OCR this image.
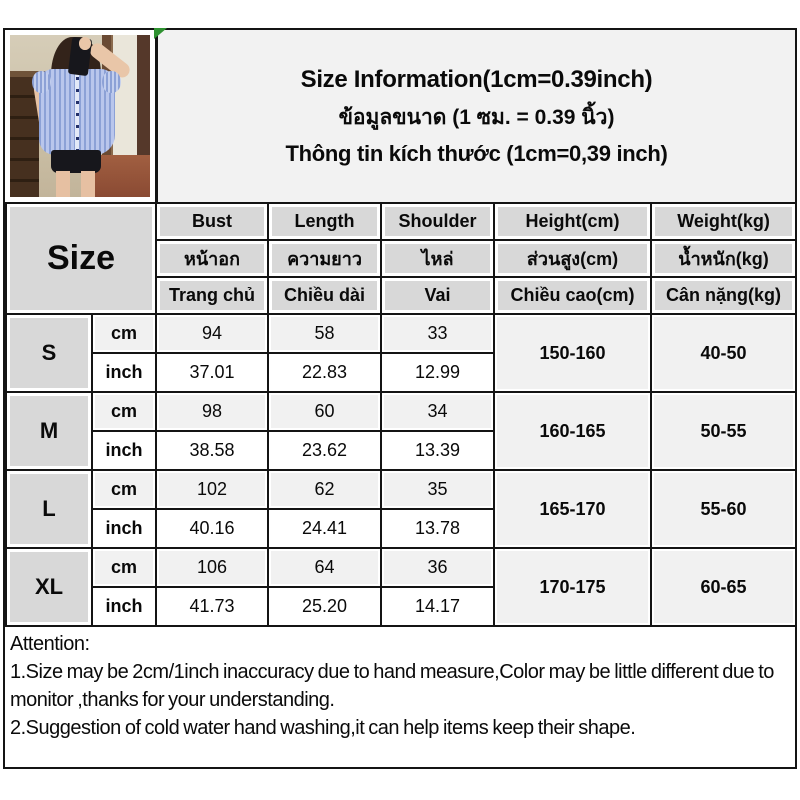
Size Information(1cm=0.39inch)
ข้อมูลขนาด (1 ซม. = 0.39 นิ้ว)
Thông tin kích thước (1cm=0,39 inch)
Size		Bust	Length	Shoulder	Height(cm)	Weight(kg)
		หน้าอก	ความยาว	ไหล่	ส่วนสูง(cm)	น้ำหนัก(kg)
		Trang chủ	Chiều dài	Vai	Chiều cao(cm)	Cân nặng(kg)
S	cm	94	58	33	150-160	40-50
	inch	37.01	22.83	12.99		
M	cm	98	60	34	160-165	50-55
	inch	38.58	23.62	13.39		
L	cm	102	62	35	165-170	55-60
	inch	40.16	24.41	13.78		
XL	cm	106	64	36	170-175	60-65
	inch	41.73	25.20	14.17		
Attention:
1.Size may be 2cm/1inch inaccuracy due to hand measure,Color may be little different due to monitor ,thanks for your understanding.
2.Suggestion of cold water hand washing,it can help items keep their shape.
